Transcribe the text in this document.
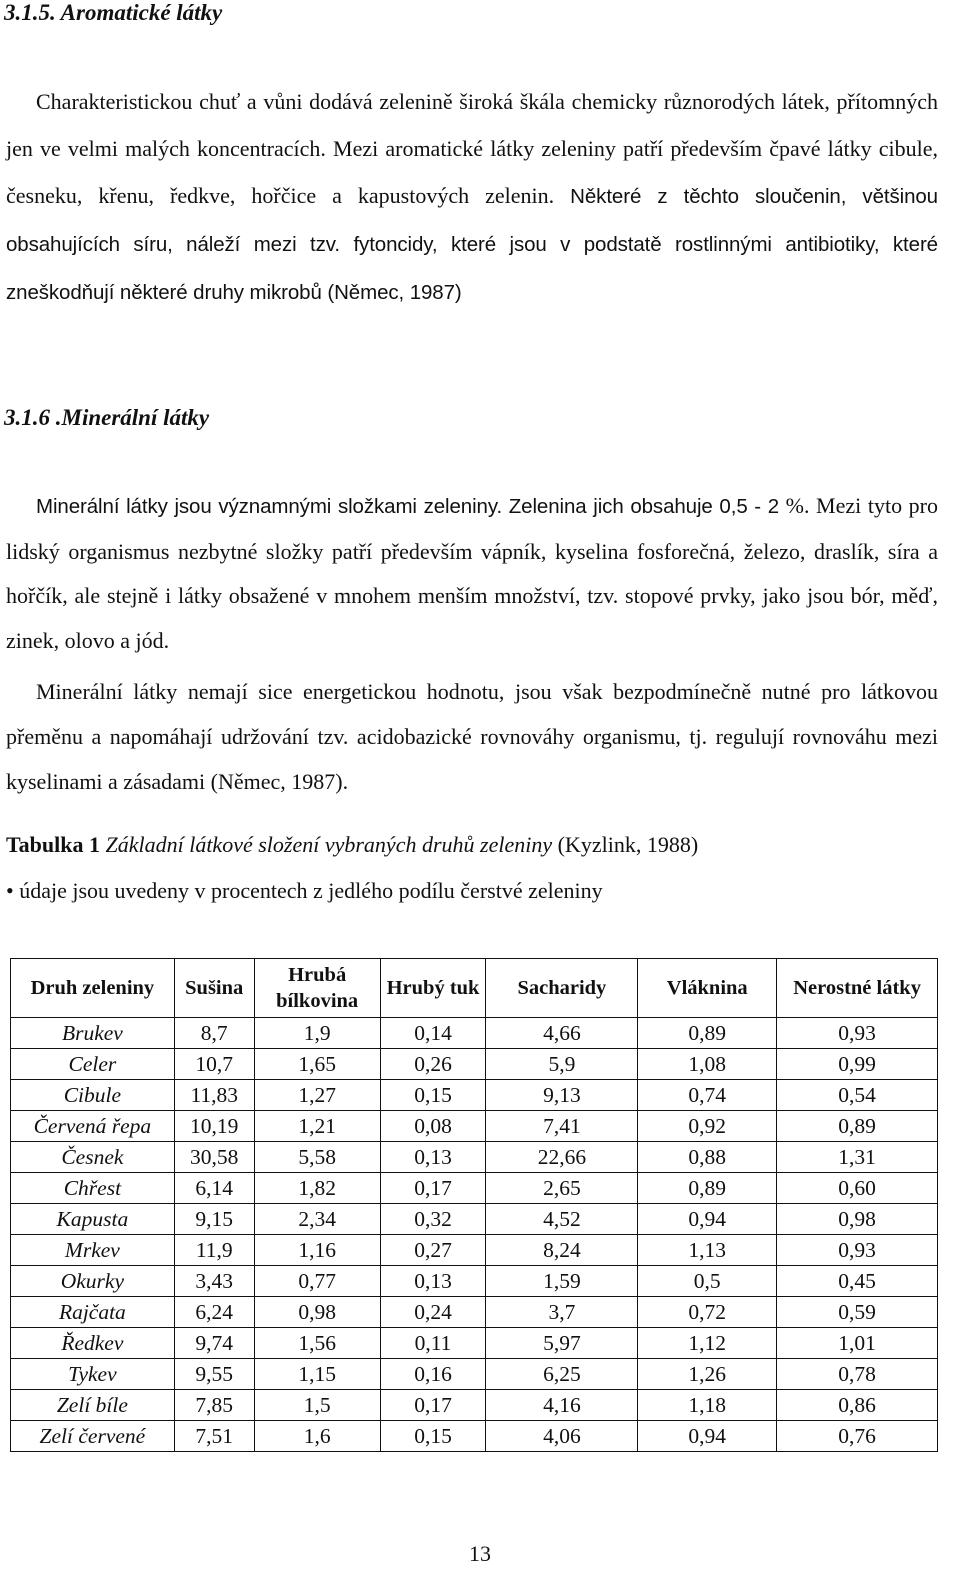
3.1.5. Aromatické látky

Charakteristickou chuť a vůni dodává zelenině široká škála chemicky různorodých látek, přítomných jen ve velmi malých koncentracích. Mezi aromatické látky zeleniny patří především čpavé látky cibule, česneku, křenu, ředkve, hořčice a kapustových zelenin. Některé z těchto sloučenin, většinou obsahujících síru, náleží mezi tzv. fytoncidy, které jsou v podstatě rostlinnými antibiotiky, které zneškodňují některé druhy mikrobů (Němec, 1987)

3.1.6 .Minerální látky

Minerální látky jsou významnými složkami zeleniny. Zelenina jich obsahuje 0,5 - 2 %. Mezi tyto pro lidský organismus nezbytné složky patří především vápník, kyselina fosforečná, železo, draslík, síra a hořčík, ale stejně i látky obsažené v mnohem menším množství, tzv. stopové prvky, jako jsou bór, měď, zinek, olovo a jód.

Minerální látky nemají sice energetickou hodnotu, jsou však bezpodmínečně nutné pro látkovou přeměnu a napomáhají udržování tzv. acidobazické rovnováhy organismu, tj. regulují rovnováhu mezi kyselinami a zásadami (Němec, 1987).

Tabulka 1 Základní látkové složení vybraných druhů zeleniny (Kyzlink, 1988)

• údaje jsou uvedeny v procentech z jedlého podílu čerstvé zeleniny

Druh zeleniny	Sušina	Hrubá bílkovina	Hrubý tuk	Sacharidy	Vláknina	Nerostné látky
Brukev	8,7	1,9	0,14	4,66	0,89	0,93
Celer	10,7	1,65	0,26	5,9	1,08	0,99
Cibule	11,83	1,27	0,15	9,13	0,74	0,54
Červená řepa	10,19	1,21	0,08	7,41	0,92	0,89
Česnek	30,58	5,58	0,13	22,66	0,88	1,31
Chřest	6,14	1,82	0,17	2,65	0,89	0,60
Kapusta	9,15	2,34	0,32	4,52	0,94	0,98
Mrkev	11,9	1,16	0,27	8,24	1,13	0,93
Okurky	3,43	0,77	0,13	1,59	0,5	0,45
Rajčata	6,24	0,98	0,24	3,7	0,72	0,59
Ředkev	9,74	1,56	0,11	5,97	1,12	1,01
Tykev	9,55	1,15	0,16	6,25	1,26	0,78
Zelí bíle	7,85	1,5	0,17	4,16	1,18	0,86
Zelí červené	7,51	1,6	0,15	4,06	0,94	0,76
13
